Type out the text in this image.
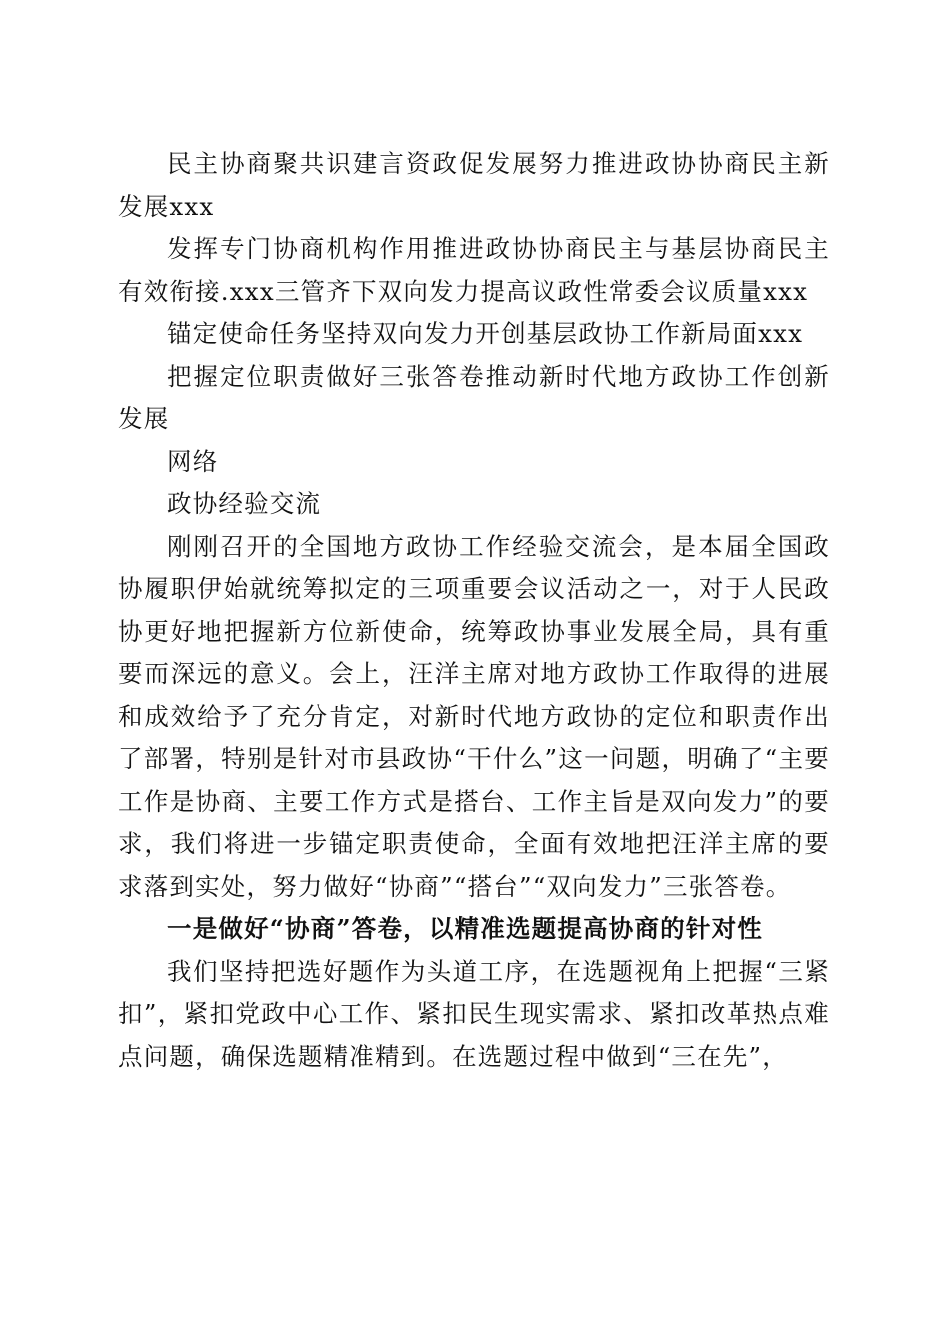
民主协商聚共识建言资政促发展努力推进政协协商民主新发展xxx

发挥专门协商机构作用推进政协协商民主与基层协商民主有效衔接.xxx三管齐下双向发力提高议政性常委会议质量xxx

锚定使命任务坚持双向发力开创基层政协工作新局面xxx

把握定位职责做好三张答卷推动新时代地方政协工作创新发展

网络

政协经验交流

刚刚召开的全国地方政协工作经验交流会，是本届全国政协履职伊始就统筹拟定的三项重要会议活动之一，对于人民政协更好地把握新方位新使命，统筹政协事业发展全局，具有重要而深远的意义。会上，汪洋主席对地方政协工作取得的进展和成效给予了充分肯定，对新时代地方政协的定位和职责作出了部署，特别是针对市县政协“干什么”这一问题，明确了“主要工作是协商、主要工作方式是搭台、工作主旨是双向发力”的要求，我们将进一步锚定职责使命，全面有效地把汪洋主席的要求落到实处，努力做好“协商”“搭台”“双向发力”三张答卷。

一是做好“协商”答卷，以精准选题提高协商的针对性

我们坚持把选好题作为头道工序，在选题视角上把握“三紧扣”，紧扣党政中心工作、紧扣民生现实需求、紧扣改革热点难点问题，确保选题精准精到。在选题过程中做到“三在先”，
